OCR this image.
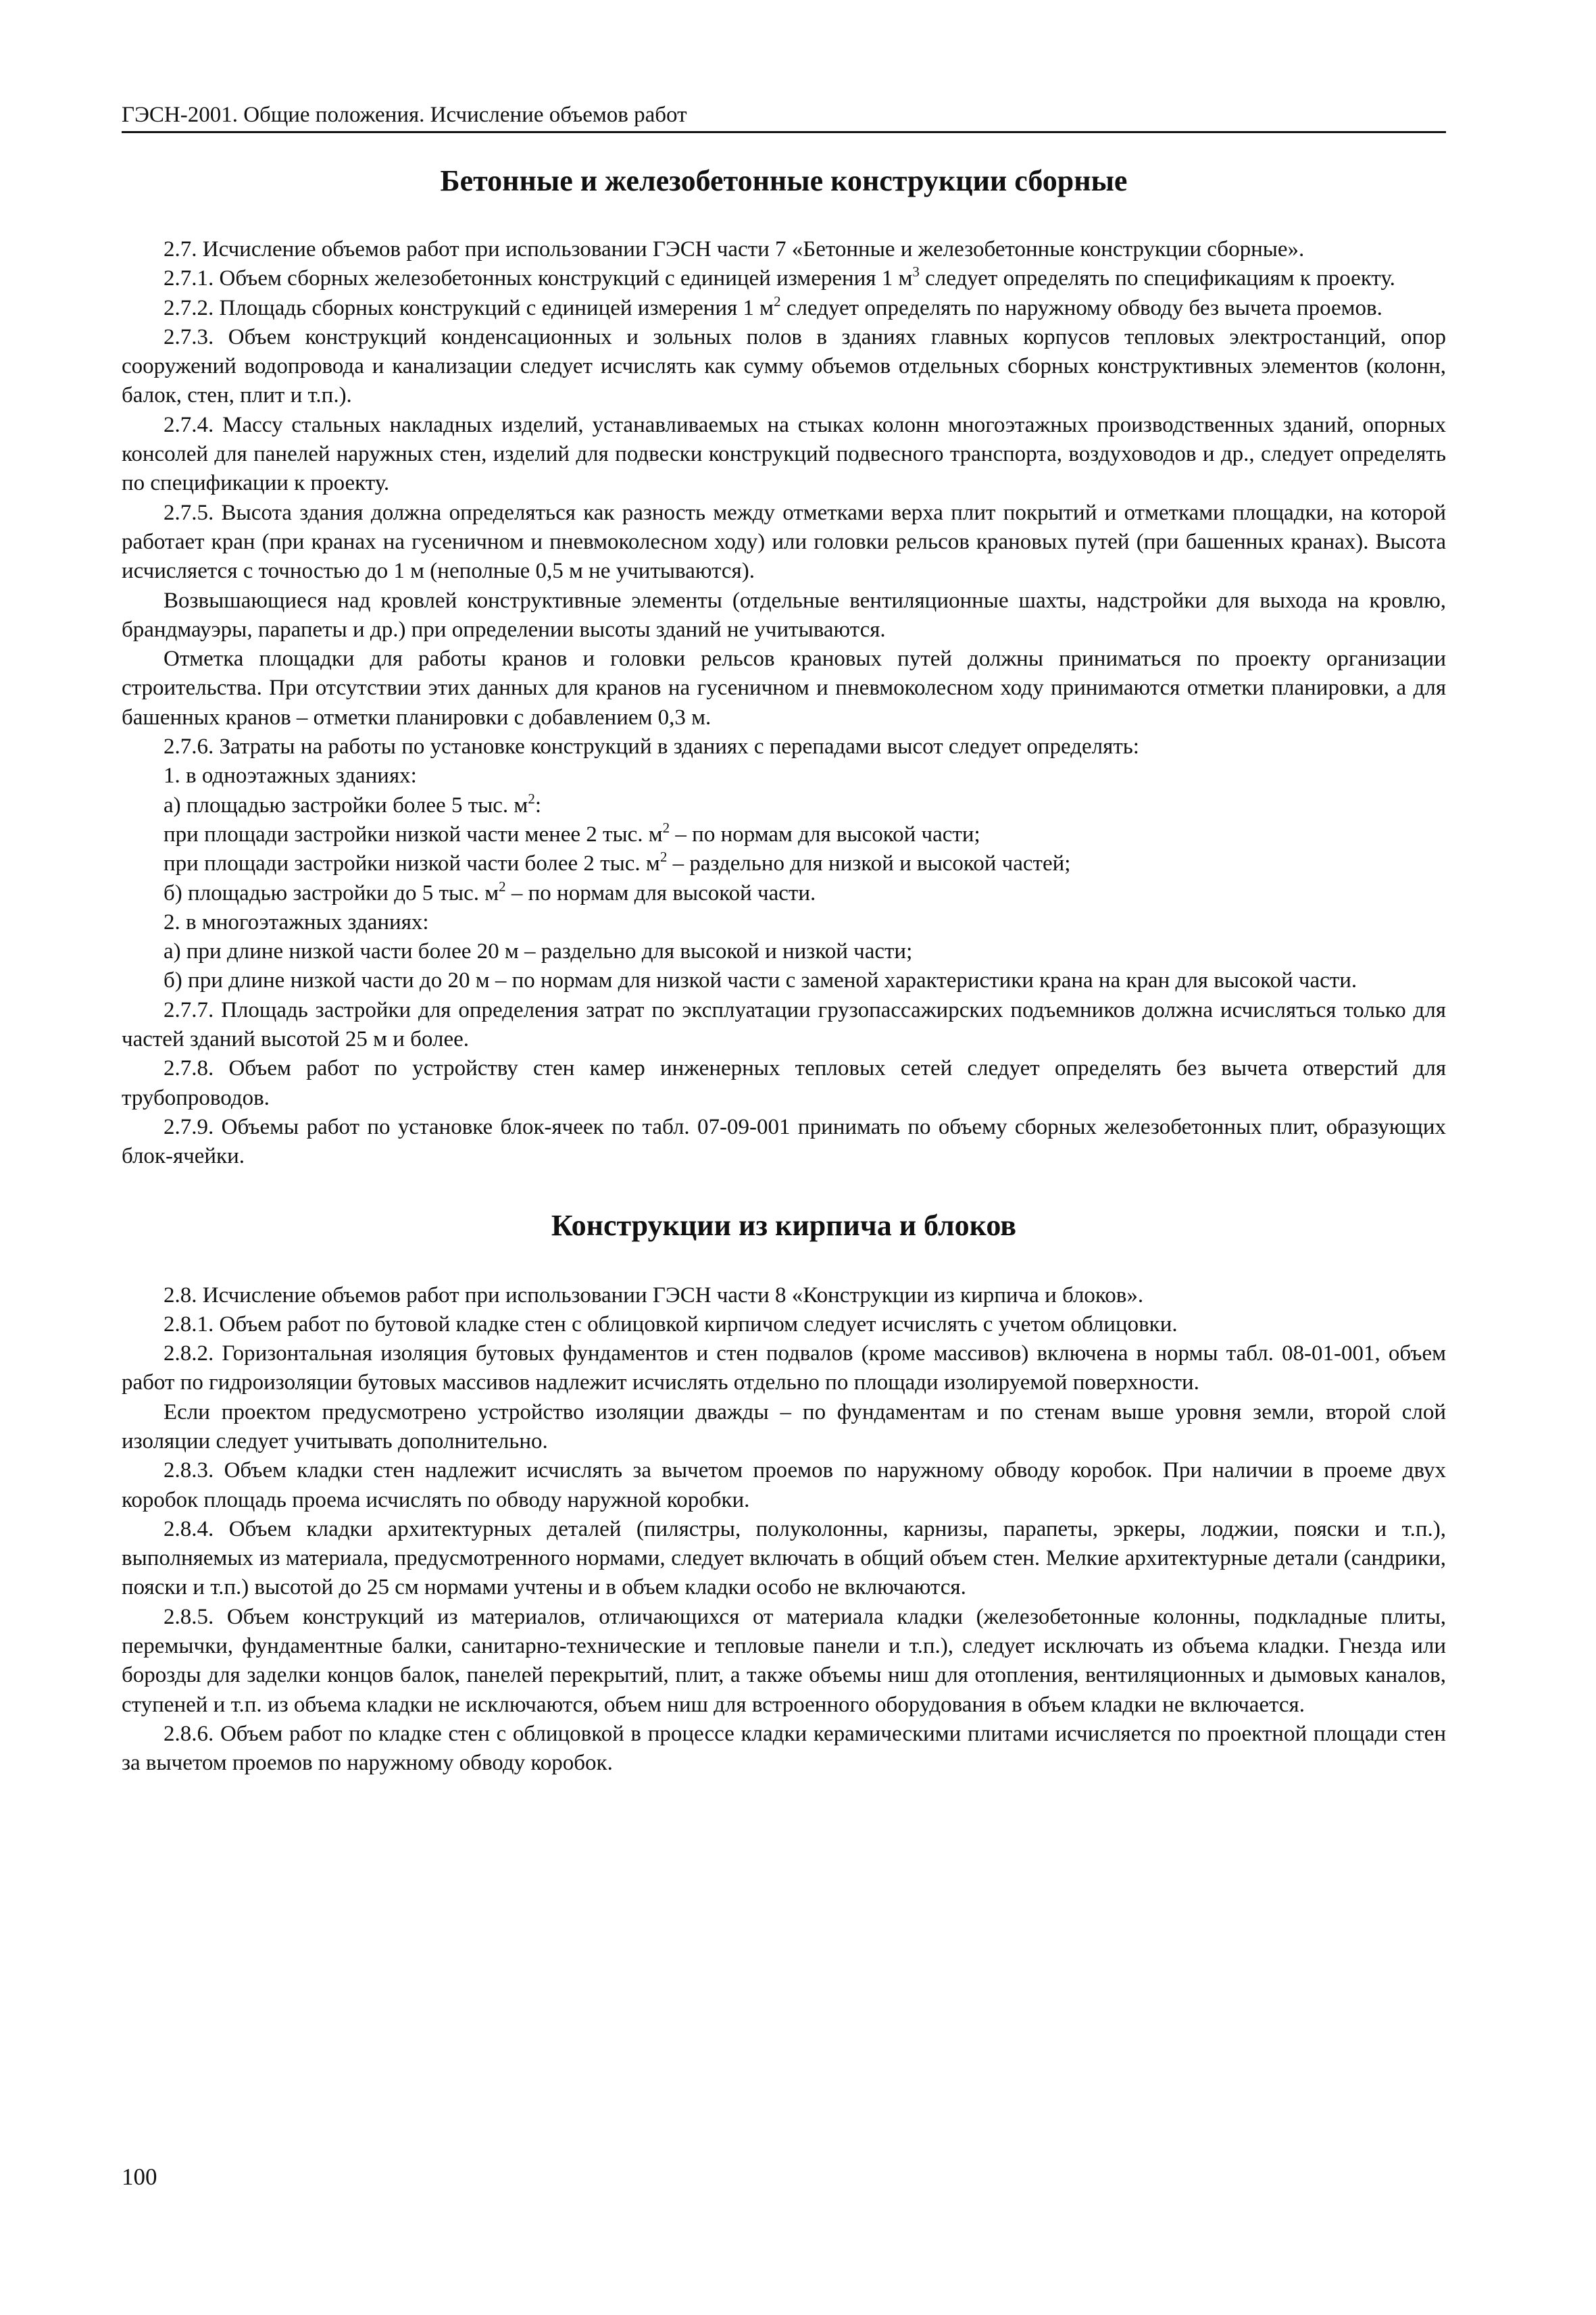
ГЭСН-2001. Общие положения. Исчисление объемов работ
Бетонные и железобетонные конструкции сборные

2.7. Исчисление объемов работ при использовании ГЭСН части 7 «Бетонные и железобетонные конструкции сборные».

2.7.1. Объем сборных железобетонных конструкций с единицей измерения 1 $м^3$ следует определять по спецификациям к проекту.

2.7.2. Площадь сборных конструкций с единицей измерения 1 $м^2$ следует определять по наружному обводу без вычета проемов.

2.7.3. Объем конструкций конденсационных и зольных полов в зданиях главных корпусов тепловых электростанций, опор сооружений водопровода и канализации следует исчислять как сумму объемов отдельных сборных конструктивных элементов (колонн, балок, стен, плит и т.п.).

2.7.4. Массу стальных накладных изделий, устанавливаемых на стыках колонн многоэтажных производственных зданий, опорных консолей для панелей наружных стен, изделий для подвески конструкций подвесного транспорта, воздуховодов и др., следует определять по спецификации к проекту.

2.7.5. Высота здания должна определяться как разность между отметками верха плит покрытий и отметками площадки, на которой работает кран (при кранах на гусеничном и пневмоколесном ходу) или головки рельсов крановых путей (при башенных кранах). Высота исчисляется с точностью до 1 м (неполные 0,5 м не учитываются).

Возвышающиеся над кровлей конструктивные элементы (отдельные вентиляционные шахты, надстройки для выхода на кровлю, брандмауэры, парапеты и др.) при определении высоты зданий не учитываются.

Отметка площадки для работы кранов и головки рельсов крановых путей должны приниматься по проекту организации строительства. При отсутствии этих данных для кранов на гусеничном и пневмоколесном ходу принимаются отметки планировки, а для башенных кранов – отметки планировки с добавлением 0,3 м.

2.7.6. Затраты на работы по установке конструкций в зданиях с перепадами высот следует определять:

1. в одноэтажных зданиях:

а) площадью застройки более 5 тыс. $м^2$:

при площади застройки низкой части менее 2 тыс. $м^2$ – по нормам для высокой части;

при площади застройки низкой части более 2 тыс. $м^2$ – раздельно для низкой и высокой частей;

б) площадью застройки до 5 тыс. $м^2$ – по нормам для высокой части.

2. в многоэтажных зданиях:

а) при длине низкой части более 20 м – раздельно для высокой и низкой части;

б) при длине низкой части до 20 м – по нормам для низкой части с заменой характеристики крана на кран для высокой части.

2.7.7. Площадь застройки для определения затрат по эксплуатации грузопассажирских подъемников должна исчисляться только для частей зданий высотой 25 м и более.

2.7.8. Объем работ по устройству стен камер инженерных тепловых сетей следует определять без вычета отверстий для трубопроводов.

2.7.9. Объемы работ по установке блок-ячеек по табл. 07-09-001 принимать по объему сборных железобетонных плит, образующих блок-ячейки.

Конструкции из кирпича и блоков

2.8. Исчисление объемов работ при использовании ГЭСН части 8 «Конструкции из кирпича и блоков».

2.8.1. Объем работ по бутовой кладке стен с облицовкой кирпичом следует исчислять с учетом облицовки.

2.8.2. Горизонтальная изоляция бутовых фундаментов и стен подвалов (кроме массивов) включена в нормы табл. 08-01-001, объем работ по гидроизоляции бутовых массивов надлежит исчислять отдельно по площади изолируемой поверхности.

Если проектом предусмотрено устройство изоляции дважды – по фундаментам и по стенам выше уровня земли, второй слой изоляции следует учитывать дополнительно.

2.8.3. Объем кладки стен надлежит исчислять за вычетом проемов по наружному обводу коробок. При наличии в проеме двух коробок площадь проема исчислять по обводу наружной коробки.

2.8.4. Объем кладки архитектурных деталей (пилястры, полуколонны, карнизы, парапеты, эркеры, лоджии, пояски и т.п.), выполняемых из материала, предусмотренного нормами, следует включать в общий объем стен. Мелкие архитектурные детали (сандрики, пояски и т.п.) высотой до 25 см нормами учтены и в объем кладки особо не включаются.

2.8.5. Объем конструкций из материалов, отличающихся от материала кладки (железобетонные колонны, подкладные плиты, перемычки, фундаментные балки, санитарно-технические и тепловые панели и т.п.), следует исключать из объема кладки. Гнезда или борозды для заделки концов балок, панелей перекрытий, плит, а также объемы ниш для отопления, вентиляционных и дымовых каналов, ступеней и т.п. из объема кладки не исключаются, объем ниш для встроенного оборудования в объем кладки не включается.

2.8.6. Объем работ по кладке стен с облицовкой в процессе кладки керамическими плитами исчисляется по проектной площади стен за вычетом проемов по наружному обводу коробок.

100
